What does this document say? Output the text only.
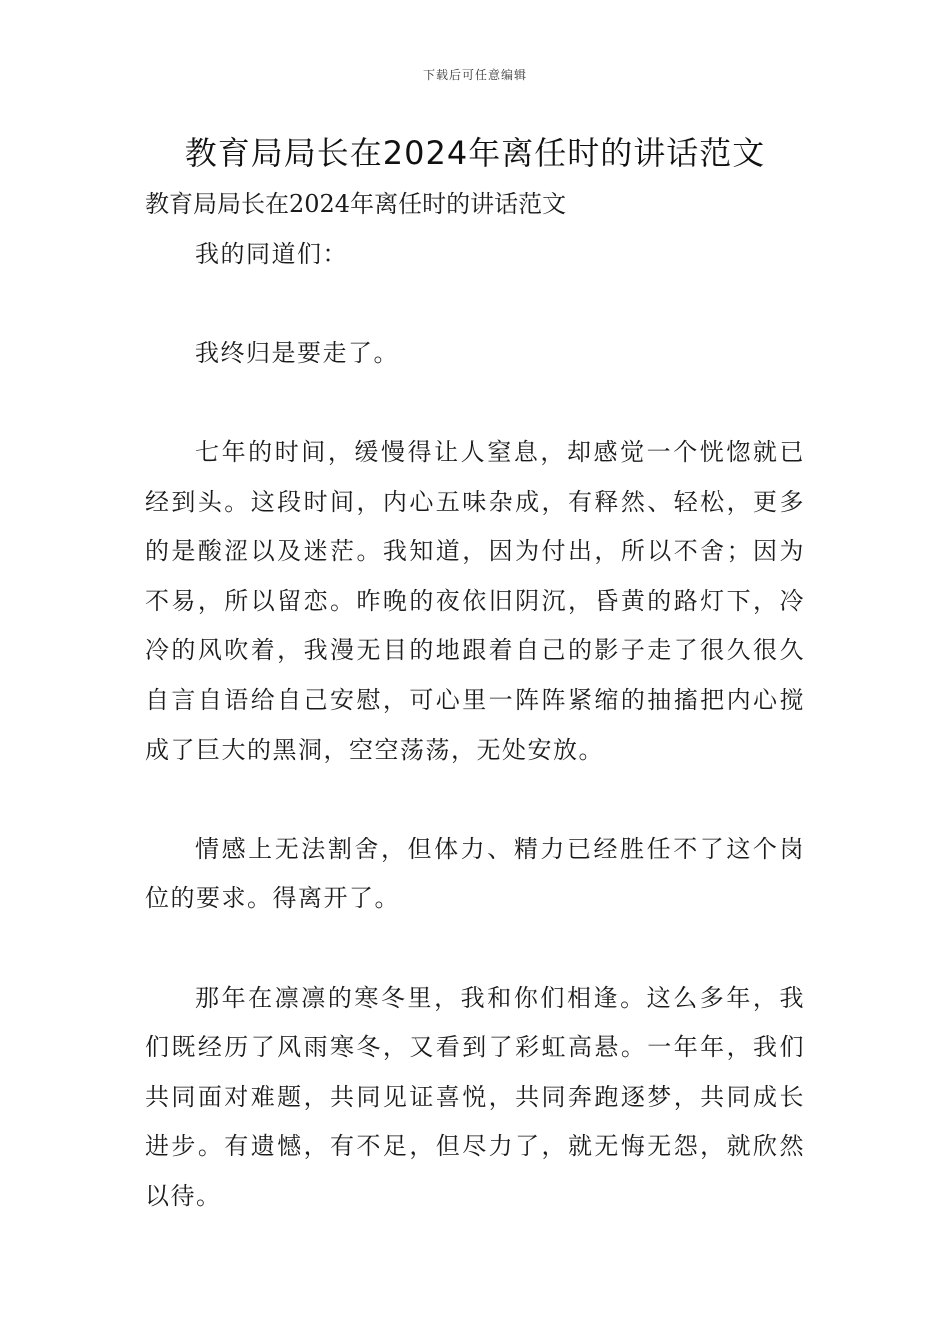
下载后可任意编辑
教育局局长在2024年离任时的讲话范文

教育局局长在2024年离任时的讲话范文

我的同道们：

我终归是要走了。

七年的时间，缓慢得让人窒息，却感觉一个恍惚就已经到头。这段时间，内心五味杂成，有释然、轻松，更多的是酸涩以及迷茫。我知道，因为付出，所以不舍；因为不易，所以留恋。昨晚的夜依旧阴沉，昏黄的路灯下，冷冷的风吹着，我漫无目的地跟着自己的影子走了很久很久自言自语给自己安慰，可心里一阵阵紧缩的抽搐把内心搅成了巨大的黑洞，空空荡荡，无处安放。

情感上无法割舍，但体力、精力已经胜任不了这个岗位的要求。得离开了。

那年在凛凛的寒冬里，我和你们相逢。这么多年，我们既经历了风雨寒冬，又看到了彩虹高悬。一年年，我们共同面对难题，共同见证喜悦，共同奔跑逐梦，共同成长进步。有遗憾，有不足，但尽力了，就无悔无怨，就欣然以待。
